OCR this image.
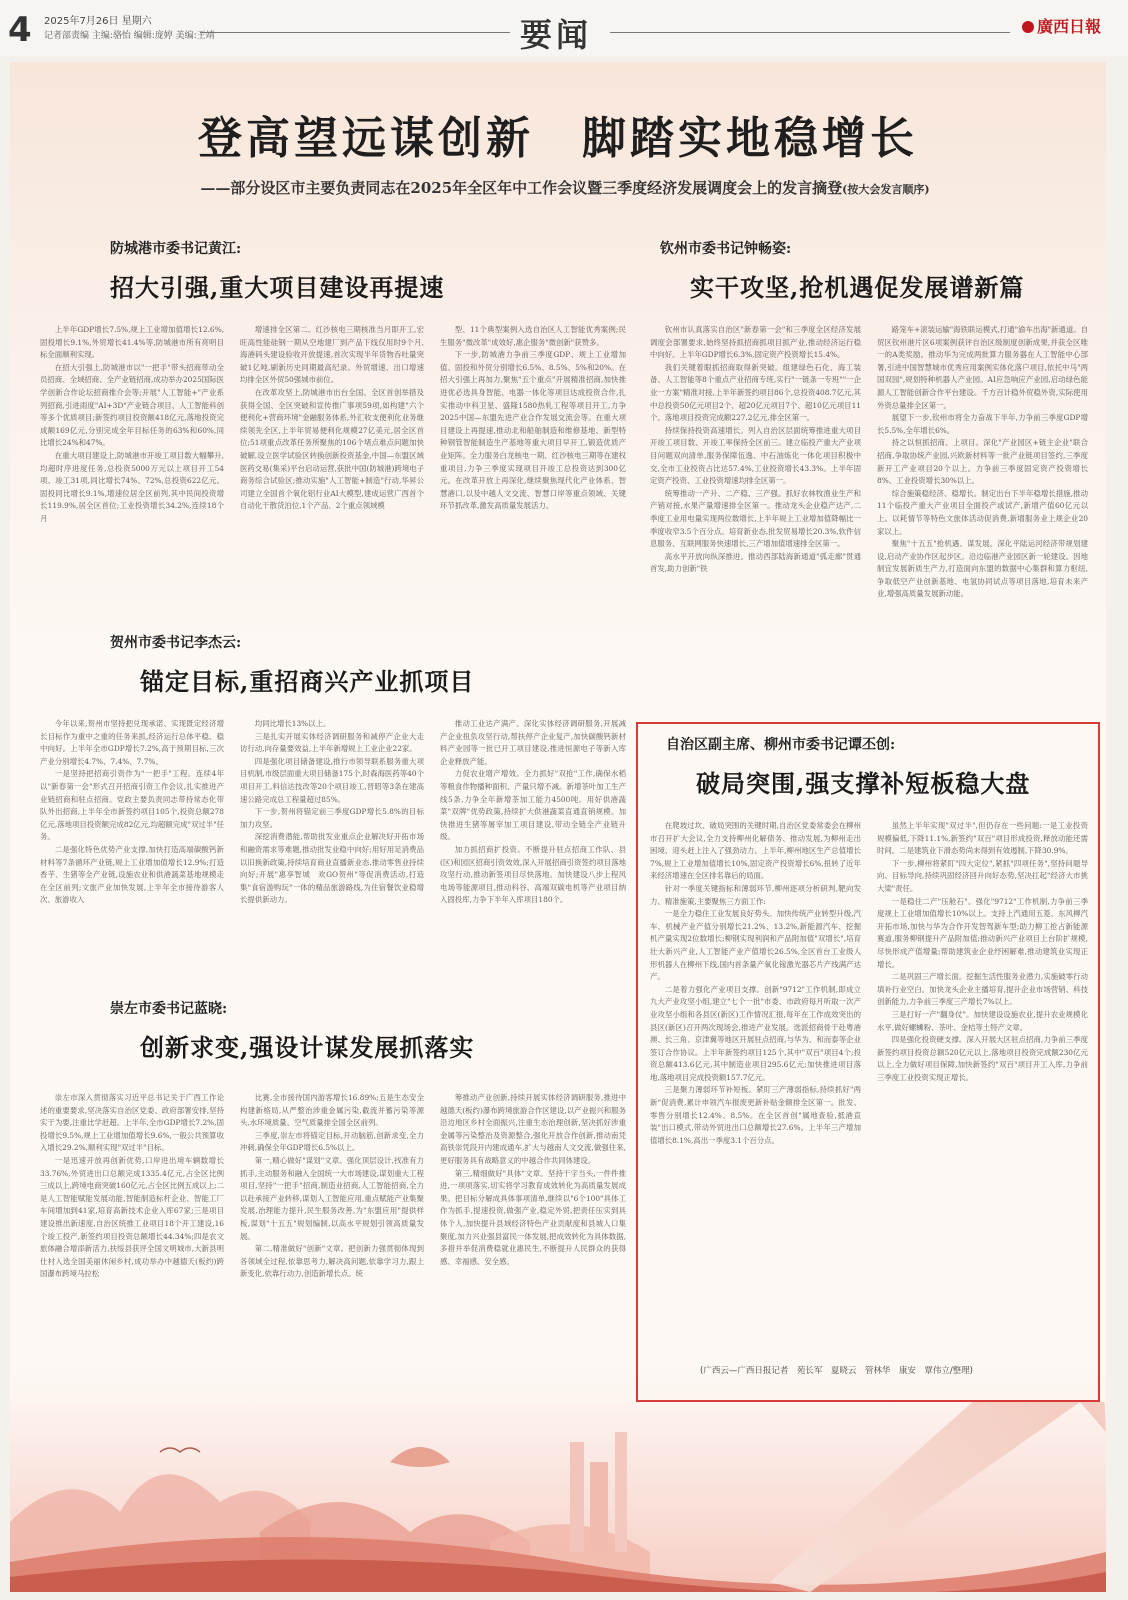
4 2025年7月26日 星期六
记者部责编 主编:骆怡 编辑:庞婷 美编:王靖	要闻	廣西日報
登高望远谋创新　脚踏实地稳增长
——部分设区市主要负责同志在2025年全区年中工作会议暨三季度经济发展调度会上的发言摘登(按大会发言顺序)
防城港市委书记黄江:
招大引强,重大项目建设再提速
上半年GDP增长7.5%,规上工业增加值增长12.6%,固投增长9.1%,外贸增长41.4%等,防城港市所有亮明目标全面顺利实现。
在招大引强上,防城港市以"一把手"带头招商带动全员招商、全域招商、全产业链招商,成功举办2025国际医学创新合作论坛招商推介会等;开展"人工智能+"产业系列招商,引进雨度"AI+3D"产业链合项目、人工智能科创等多个优质项目;新签约项目投资额418亿元,落地投资完成额169亿元,分别完成全年目标任务的63%和60%,同比增长24%和47%。
在重大项目建设上,防城港市开竣工项目数大幅攀升,均超时序进度任务,总投资5000万元以上项目开工54项、竣工31项,同比增长74%、72%,总投资622亿元。固投同比增长9.1%,增速位居全区前列,其中民间投资增长119.9%,居全区首位;工业投资增长34.2%,连续18个月
增速排全区第二。红沙核电三期核准当月即开工,宏旺高性能硅钢一期从空地建厂到产品下线仅用时9个月,海港码头建设验收开放提速,首次实现半年货物吞吐量突破1亿吨,刷新历史同期最高纪录。外贸增速、出口增速均排全区外贸50强城市前位。
在改革攻坚上,防城港市出台全国、全区首创举措及获得全国、全区突破和宣传推广事项59项,如构建"六个便利化+营商环境"金融服务体系,外汇收支便利化业务继续领先全区,上半年贸易便利化规模27亿美元,居全区首位;51项重点改革任务所聚焦的106个堵点难点问题加快破解,设立医学试验区转换创新投资基金,中国—东盟区域医药交易(集采)平台启动运营,获批中国(防城港)跨境电子商务综合试验区;推动实施"人工智能+制造"行动,华昇公司建立全国首个氧化铝行业AI大模型,建成运营广西首个自动化干散货泊位,1个产品、2个重点领域模
型、11个典型案例入选自治区人工智能优秀案例;民生服务"微改革"成效好,惠企服务"微创新"获赞多。
下一步,防城港力争前三季度GDP、规上工业增加值、固投和外贸分别增长6.5%、8.5%、5%和20%。在招大引强上再加力,聚焦"五个重点"开展精准招商,加快推进优必选具身智能、电器一体化等项目达成投资合作,扎实推动中科卫星、盛隆1580热轧工程等项目开工,力争2025中国—东盟先进产业合作发展交流会等。在重大项目建设上再提速,推动北和船舶制造和维修基地、新型特种钢管智能制造生产基地等重大项目早开工,锻造优质产业矩阵。全力服务白龙核电一期、红沙核电三期等在建权重项目,力争三季度实现项目开竣工总投资达到300亿元。在改革开放上再深化,继续聚焦现代化产业体系、智慧港口,以及中越人文交流、智慧口岸等重点领域、关键环节抓改革,激发高质量发展活力。
钦州市委书记钟畅姿:
实干攻坚,抢机遇促发展谱新篇
钦州市认真落实自治区"新春第一会"和三季度全区经济发展调度会部署要求,始终坚持抓招商抓项目抓产业,推动经济运行稳中向好。上半年GDP增长6.3%,固定资产投资增长15.4%。
我们关键着眼抓招商取得新突破。组建绿色石化、海工装备、人工智能等8个重点产业招商专班,实行"一链条一专班""一企业一方案"精准对接,上半年新签约项目86个,总投资408.7亿元,其中总投资50亿元项目2个、超20亿元项目7个、超10亿元项目11个。落地项目投资完成额227.2亿元,排全区第一。
持续保持投资高速增长。列入自治区层面统筹推进重大项目开竣工项目数、开竣工率保持全区前三。建立临投产重大产业项目问题双向清单,服务保障伍逸、中石油炼化一体化项目积极中交,全市工业投资占比达57.4%,工业投资增长43.3%。上半年固定资产投资、工业投资增速均排全区第一。
统筹推动一产升、二产稳、三产强。抓好农林牧渔业生产和产销对接,水果产量增速排全区第一。推动龙头企业稳产达产,二季度工业用电量实现两位数增长,上半年规上工业增加值降幅比一季度收窄3.5个百分点。培育新业态,批发贸易增长20.3%,软件信息服务、互联网服务快速增长,三产增加值增速排全区第一。
高水平开放向纵深推进。推动西部陆海新通道"弧走廊"贯通首发,助力创新"铁
路笼车+滚装运输"海铁联运模式,打通"渝车出海"新通道。自贸区钦州港片区6项案例获评自治区级制度创新成果,并获全区唯一的A类奖励。推动华为完成两批算力服务器在人工智能中心部署,引进中国智慧城市优秀应用案例实体化落户项目,依托中马"两国双园",规划特种机器人产业园。AI应急响应产业园,启动绿色能源人工智能创新合作平台建设。千方百计稳外贸稳外资,实际使用外资总量排全区第一。
展望下一步,钦州市将全力奋战下半年,力争前三季度GDP增长5.5%,全年增长6%。
持之以恒抓招商、上项目。深化"产业园区+链主企业"联合招商,争取协统产业园,兴欧新材料等一批产业链项目签约,三季度新开工产业项目20个以上。力争前三季度固定资产投资增长8%、工业投资增长30%以上。
综合施策稳经济、稳增长。制定出台下半年稳增长措施,推动11个临投产重大产业项目全面投产或试产,新增产值60亿元以上。以耗情节等特色文旅体活动促消费,新增服务业上规企业20家以上。
聚焦"十五五"抢机遇、谋发展。深化平陆运河经济带规划建设,启动产业协作区起步区。沿边临港产业园区新一轮建设。因地制宜发展新质生产力,打造面向东盟的数据中心集群和算力枢纽,争取低空产业创新基地、电氢协同试点等项目落地,培育未来产业,增强高质量发展新动能。
贺州市委书记李杰云:
锚定目标,重招商兴产业抓项目
今年以来,贺州市坚持把兑现承诺、实现既定经济增长目标作为重中之重的任务来抓,经济运行总体平稳、稳中向好。上半年全市GDP增长7.2%,高于预期目标,三次产业分别增长4.7%、7.4%、7.7%。
一是坚持把招商引资作为"一把手"工程。连续4年以"新春第一会"形式召开招商引资工作会议,扎实推进产业链招商和驻点招商。党政主要负责同志带持常态化带队外出招商,上半年全市新签约项目105个,投资总额278亿元,落地项目投资额完成82亿元,均超额完成"双过半"任务。
二是强化特色优势产业支撑,加快打造高端碳酸钙新材料等7条循环产业链,规上工业增加值增长12.9%;打造香芋、生猪等全产业链,设施农业和供港蔬菜基地规模走在全区前列;文旅产业加快发展,上半年全市接待游客人次、旅游收入
均同比增长13%以上。
三是扎实开展实体经济调研服务和减停产企业大走访行动,向存量要效益,上半年新增规上工业企业22家。
四是强化项目储备建设,推行市领导联系服务重大项目机制,市级层面重大项目储备175个,时森海医药等40个项目开工,料信达技改等20个项目竣工,晋昭等3条在建高速公路完成总工程量超过85%。
下一步,贺州将锚定前三季度GDP增长5.8%的目标加力攻坚。
深挖消费潜能,帮助批发业重点企业解决好开拓市场和融资需求等难题,推动批发业稳中向好;用好用足消费品以旧换新政策,持续培育商业直播新业态,推动零售业持续向好;开展"惠享智城　欢GO贺州"等促消费活动,打造集"食宿游购玩"一体的精品旅游路线,为住宿餐饮业稳增长提供新动力。
推动工业达产满产。深化实体经济调研服务,开展减产企业扭负攻坚行动,帮扶停产企业复产,加快碳酸钙新材料产业园等一批已开工项目建设,推进恒源电子等新入库企业释放产能。
力促农业增产增效。全力抓好"双抢"工作,确保水稻等粮食作物播种面积、产量只增不减。新增茶叶加工生产线5条,力争全年新增茶加工能力4500吨。用好供港蔬菜"双牌"优势政策,持续扩大供港蔬菜直通直销规模。加快推进生猪等屠宰加工项目建设,带动全链全产业链升级。
加力抓招商扩投资。不断提升驻点招商工作队、县(区)和园区招商引资效效,深入开展招商引资签约项目落地攻坚行动,推动新签项目尽快落地。加快建设八步上程风电场等能源项目,推动科谷、高端双碳电机等产业项目纳入固投库,力争下半年入库项目180个。
崇左市委书记蓝晓:
创新求变,强设计谋发展抓落实
崇左市深入贯彻落实习近平总书记关于广西工作论述的重要要求,坚决落实自治区党委、政府部署安排,坚持实干为要,注重比学赶超。上半年,全市GDP增长7.2%,固投增长9.5%,规上工业增加值增长9.6%,一般公共预算收入增长29.2%,顺利实现"双过半"目标。
一是迅速开放再创新优势,口岸进出境车辆数增长33.76%,外贸进出口总额完成1335.4亿元,占全区比例三成以上,跨境电商突破160亿元,占全区比例五成以上;二是人工智能赋能发展动能,智能制造标杆企业、智能工厂车间增加到41家,培育高新技术企业入库67家;三是项目建设推出新速度,自治区统推工业项目18个开工建设,16个竣工投产,新签约项目投资总额增长44.34%;四是农文旅体融合增添新活力,扶绥县获评全国文明城市,大新县明仕村入选全国美丽休闲乡村,成功举办中越德天(板约)跨国瀑布跨境马拉松
比赛,全市接待国内游客增长16.89%;五是生态安全构建新格局,从严整治涉重金属污染,截流并蓄污染等源头,水环境质量、空气质量排全国全区前列。
三季度,崇左市将锚定目标,开动脑筋,创新求变,全力冲刺,确保全年GDP增长6.5%以上。
第一,精心做好"谋划"文章。强化顶层设计,找准有力抓手,主动服务和融入全国统一大市场建设,谋划重大工程项目,坚持"一把手"招商,制造业招商,人工智能招商,全力以赴承接产业转移,谋划人工智能应用,重点赋能产业集聚发展,治理能力提升,民生服务改善,为"东盟应用"提供样板,谋划"十五五"规划编制,以高水平规划引领高质量发展。
第二,精准做好"创新"文章。把创新力强贯彻体现到各领域全过程,依靠思考力,解决高问题,依靠学习力,跟上新变化,依靠行动力,创造新增长点。统
筹推动产业创新,持续开展实体经济调研服务,推进中越德天(板约)瀑布跨境旅游合作区建设,以产业振兴和服务沿边地区乡村全面振兴,注重生态治理创新,坚决抓好涉重金属等污染整治及资源整合,强化开放合作创新,推动南凭高铁崇凭段开内建成通车,扩大与越南人文交流,做强往来,更好服务具有战略意义的中越合作共同体建设。
第三,精细做好"具体"文章。坚持干字当头,一件件推进,一项项落实,切实将学习教育成效转化为高质量发展成果。把目标分解成具体事项清单,继续以"6个100"具体工作为抓手,提速投资,做强产业,稳定外贸,把责任压实到具体个人,加快提升县域经济特色产业贡献度和县城人口集聚度,加力兴业强县富民一体发展,把成效转化为具体数据,多措并举促消费稳就业惠民生,不断提升人民群众的获得感、幸福感、安全感。
自治区副主席、柳州市委书记谭丕创:
破局突围,强支撑补短板稳大盘
在爬坡过坎、破局突围的关键时期,自治区党委常委会在柳州市召开扩大会议,全力支持柳州化解债务、推动发展,为柳州走出困境、迎头赶上注入了强劲动力。上半年,柳州地区生产总值增长7%,规上工业增加值增长10%,固定资产投资增长6%,扭转了近年来经济增速在全区排名靠后的局面。
针对一季度关键指标和薄弱环节,柳州逐项分析研判,靶向发力、精准施策,主要聚焦三方面工作:
一是全力稳住工业发展良好势头。加快传统产业转型升级,汽车、机械产业产值分别增长21.2%、13.2%,新能源汽车、挖掘机产量实现2位数增长;柳钢实现利润和产品附加值"双增长",培育壮大新兴产业,人工智能产业产值增长26.5%,全区首台工业级人形机器人在柳州下线,国内首条量产氧化镓激光器芯片产线满产达产。
二是着力强化产业项目支撑。创新"9712"工作机制,即成立九大产业攻坚小组,建立"七个一批"市委、市政府每月听取一次产业攻坚小组和各县区(新区)工作情况汇报,每年在工作成效突出的县区(新区)召开两次现场会,推进产业发展。选派招商骨干赴粤港澳、长三角、京津冀等地区开展驻点招商,与华为、和而泰等企业签订合作协议。上半年新签约项目125个,其中"双百"项目4个;投资总额413.6亿元,其中制造业项目295.6亿元;加快推进项目落地,落地项目完成投资额157.7亿元。
三是聚力薄弱环节补短板。紧盯三产薄弱指标,持续抓好"两新"促消费,累计申领汽车报废更新补贴金额排全区第一。批发、零售分别增长12.4%、8.5%。在全区首创"属地查验,抵港直装"出口模式,带动外贸进出口总额增长27.6%。上半年三产增加值增长8.1%,高出一季度3.1个百分点。
虽然上半年实现"双过半",但仍存在一些问题:一是工业投资规模偏低,下降11.1%,新签约"双百"项目形成投资,释放动能还需时间。二是建筑业下滑态势尚未得到有效遏制,下降30.9%。
下一步,柳州将紧盯"四大定位",紧抓"四项任务",坚持问题导向、目标导向,持续巩固经济回升向好态势,坚决扛起"经济大市挑大梁"责任。
一是稳住二产"压舱石"。强化"9712"工作机制,力争前三季度规上工业增加值增长10%以上。支持上汽通用五菱、东风柳汽开拓市场,加快与华为合作开发智驾新车型;助力柳工抢占新能源赛道,服务柳钢提升产品附加值;推动新兴产业项目上台阶扩规模,尽快形成产值增量;帮助建筑业企业纾困解难,推动建筑业实现正增长。
二是巩固三产增长面。挖掘生活性服务业潜力,实施破零行动填补行业空白。加快龙头企业主播培育,提升企业市场营销、科技创新能力,力争前三季度三产增长7%以上。
三是打好一产"翻身仗"。加快建设设施农业,提升农业规模化水平,做好螺蛳粉、茶叶、金桔等土特产文章。
四是强化投资硬支撑。深入开展大区驻点招商,力争前三季度新签约项目投资总额520亿元以上,落地项目投资完成额230亿元以上,全力做好项目保障,加快新签约"双百"项目开工入库,力争前三季度工业投资实现正增长。
(广西云—广西日报记者　苑长军　夏晓云　管林华　康安　覃伟立/整理)
